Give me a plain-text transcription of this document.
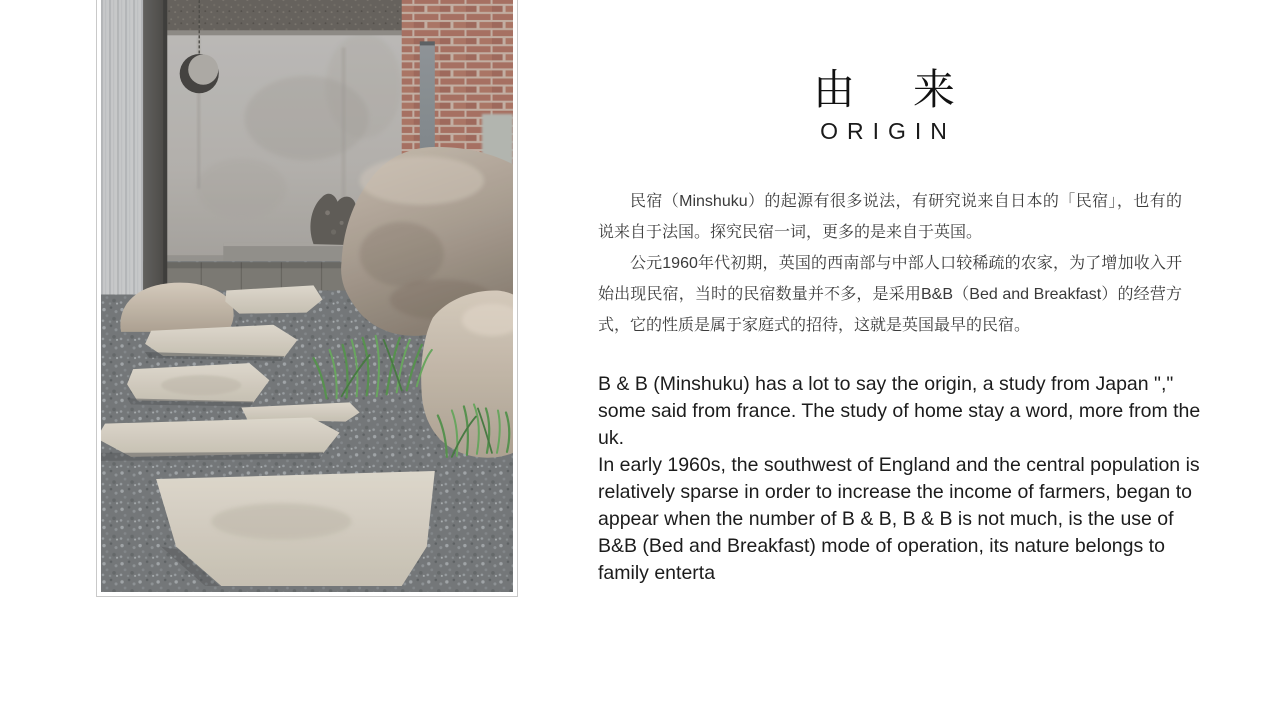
由　来
ORIGIN

民宿（Minshuku）的起源有很多说法，有研究说来自日本的「民宿」，也有的说来自于法国。探究民宿一词，更多的是来自于英国。

公元1960年代初期，英国的西南部与中部人口较稀疏的农家，为了增加收入开始出现民宿，当时的民宿数量并不多，是采用B&B（Bed and Breakfast）的经营方式，它的性质是属于家庭式的招待，这就是英国最早的民宿。

B & B (Minshuku) has a lot to say the origin, a study from Japan "," some said from france. The study of home stay a word, more from the uk.

In early 1960s, the southwest of England and the central population is relatively sparse in order to increase the income of farmers, began to appear when the number of B & B, B & B is not much, is the use of B&B (Bed and Breakfast) mode of operation, its nature belongs to family enterta
